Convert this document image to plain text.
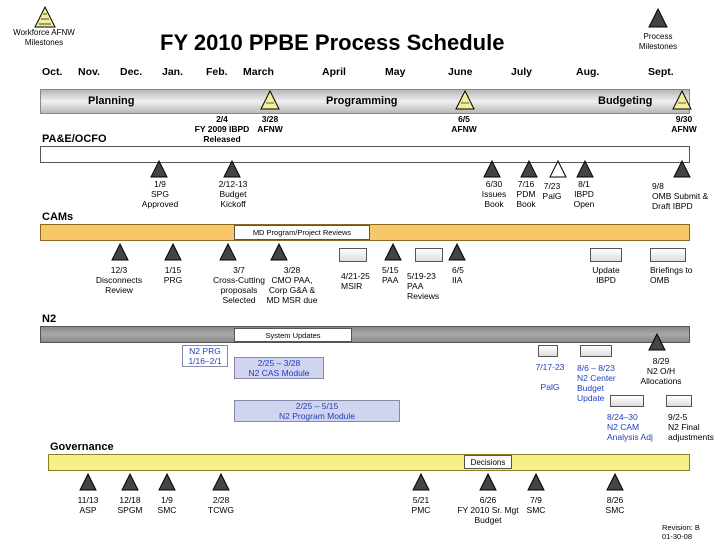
Workforce AFNW
Milestones
Process
Milestones
FY 2010 PPBE Process Schedule
Oct. Nov. Dec. Jan. Feb. March	April	May	June	July	Aug.	Sept.
Planning	Programming	Budgeting
2/4
FY 2009 IBPD
Released
3/28
AFNW
6/5
AFNW
9/30
AFNW
PA&E/OCFO
1/9
SPG
Approved
2/12-13
Budget
Kickoff
6/30
Issues
Book
7/16
PDM
Book
7/23
PalG
8/1
IBPD
Open
9/8
OMB Submit &
Draft IBPD
CAMs
MD Program/Project Reviews
12/3
Disconnects
Review
1/15
PRG
3/7
Cross-Cutting
proposals
Selected
3/28
CMO PAA,
Corp G&A &
MD MSR due
4/21-25
MSIR
5/15
PAA 5/19-23
PAA
Reviews
6/5
IIA
Update
IBPD
Briefings to
OMB
N2
System Updates
N2 PRG
1/16–2/1	2/25 – 3/28
N2 CAS Module
2/25 – 5/15
N2 Program Module
7/17-23

PalG
8/6 – 8/23
N2 Center
Budget
Update
8/29
N2 O/H
Allocations
8/24–30
N2 CAM
Analysis Adj
9/2-5
N2 Final
adjustments
Governance
Decisions
11/13
ASP
12/18
SPGM
1/9
SMC
2/28
TCWG
5/21
PMC
6/26
FY 2010 Sr. Mgt
Budget
7/9
SMC
8/26
SMC
Revision: B
01-30-08
